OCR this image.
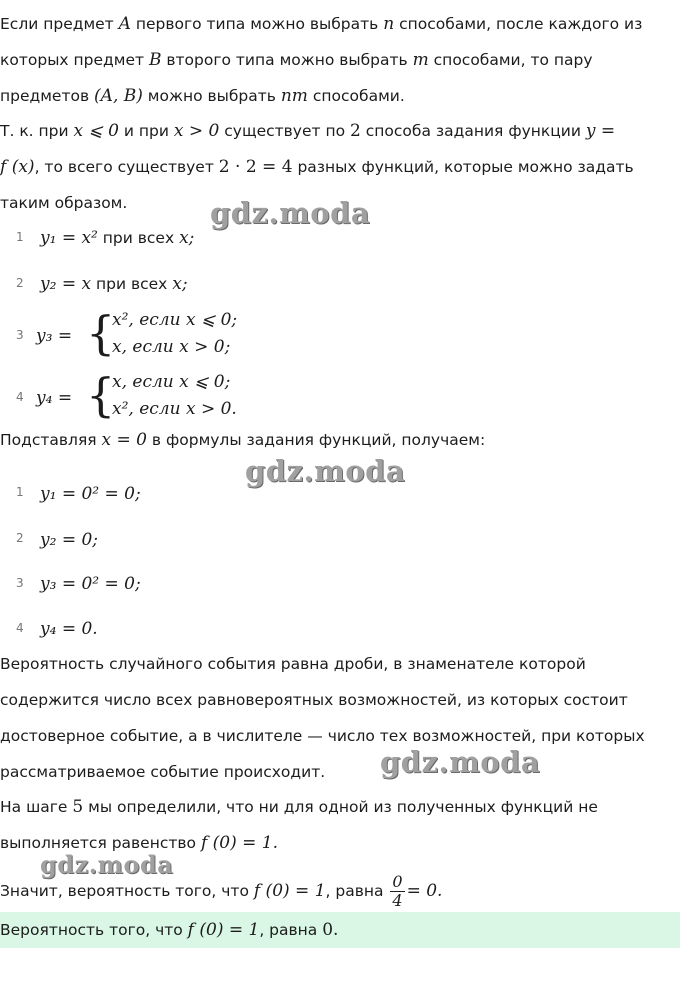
Если предмет A первого типа можно выбрать n способами, после каждого из
которых предмет B второго типа можно выбрать m способами, то пару
предметов (A, B) можно выбрать nm способами.
Т. к. при x ⩽ 0 и при x > 0 существует по 2 способа задания функции y =
f (x), то всего существует 2 · 2 = 4 разных функций, которые можно задать
таким образом.
1 y₁ = x² при всех x;
2 y₂ = x при всех x;
3 y₃ = {
x², если x ⩽ 0;
x, если x > 0;
4 y₄ = {
x, если x ⩽ 0;
x², если x > 0.
Подставляя x = 0 в формулы задания функций, получаем:
1 y₁ = 0² = 0;
2 y₂ = 0;
3 y₃ = 0² = 0;
4 y₄ = 0.
Вероятность случайного события равна дроби, в знаменателе которой
содержится число всех равновероятных возможностей, из которых состоит
достоверное событие, а в числителе — число тех возможностей, при которых
рассматриваемое событие происходит.
На шаге 5 мы определили, что ни для одной из полученных функций не
выполняется равенство f (0) = 1.
Значит, вероятность того, что f (0) = 1, равна $\frac{0}{4} = 0$.
Вероятность того, что f (0) = 1, равна 0.
gdz.moda
gdz.moda
gdz.moda
gdz.moda
